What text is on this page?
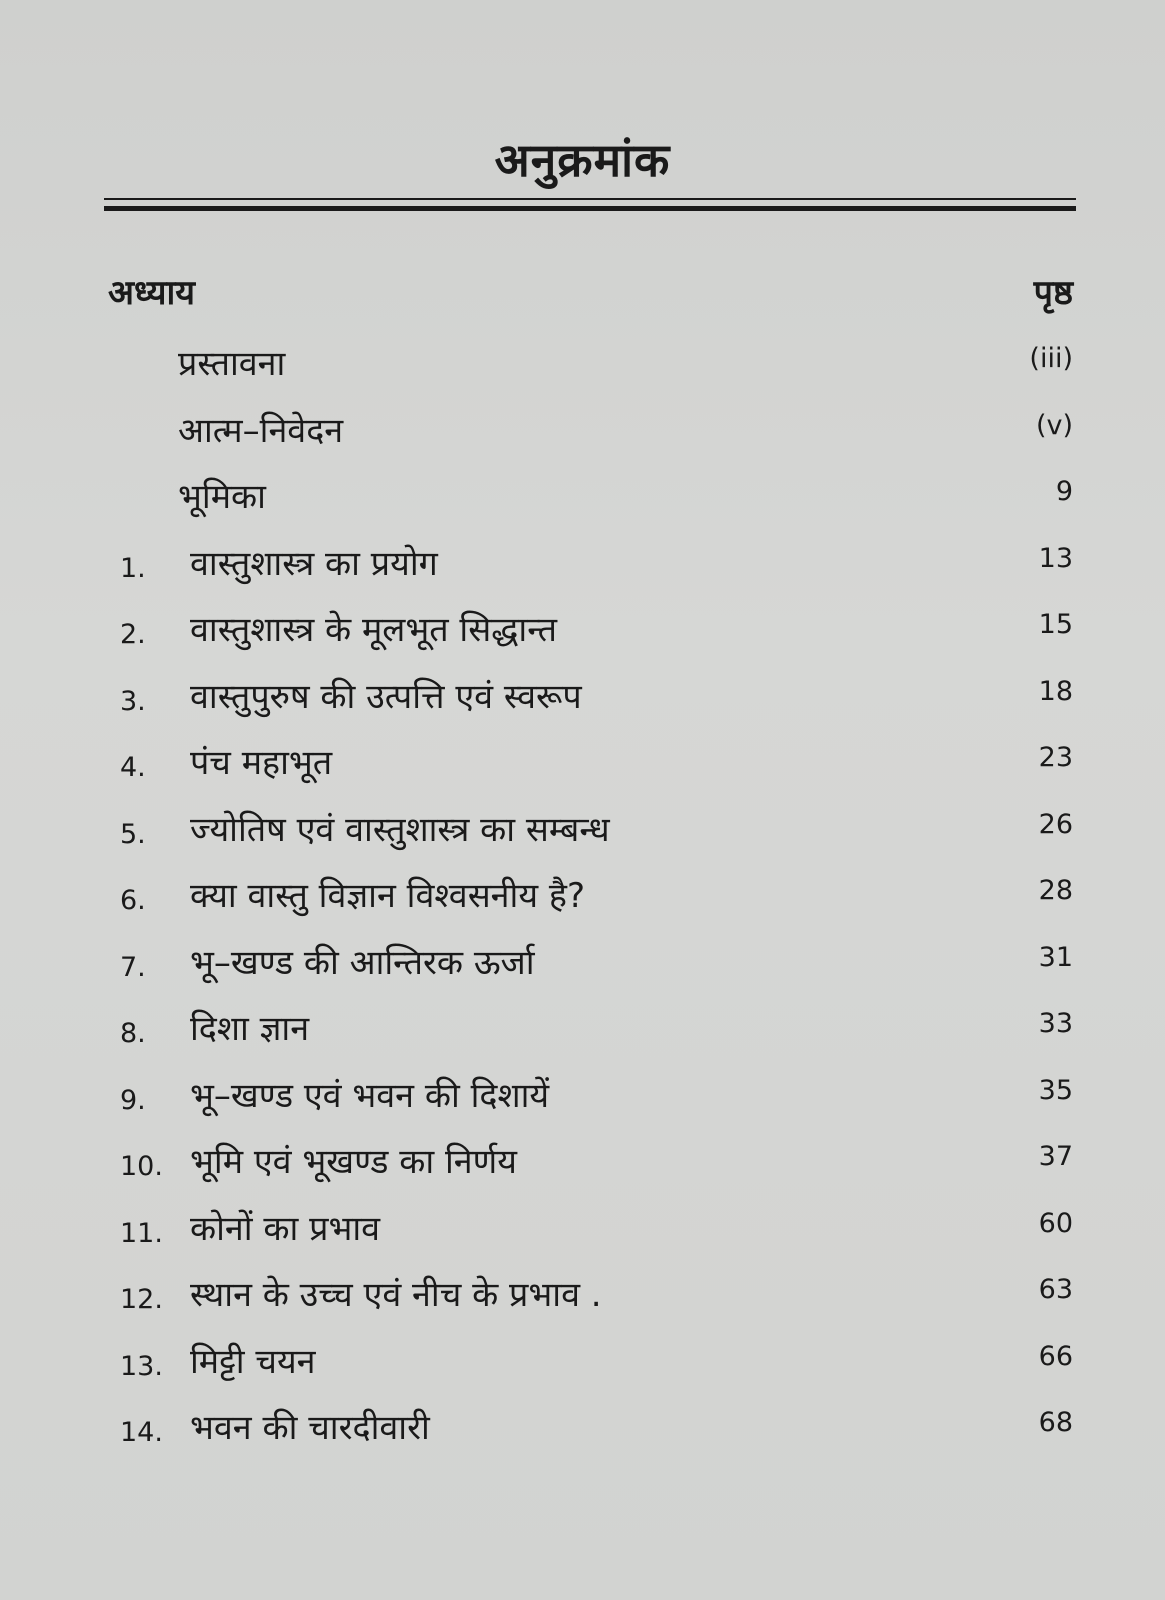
अनुक्रमांक
अध्याय	पृष्ठ
प्रस्तावना	(iii)
आत्म–निवेदन	(v)
भूमिका	9
1. वास्तुशास्त्र का प्रयोग	13
2. वास्तुशास्त्र के मूलभूत सिद्धान्त	15
3. वास्तुपुरुष की उत्पत्ति एवं स्वरूप	18
4. पंच महाभूत	23
5. ज्योतिष एवं वास्तुशास्त्र का सम्बन्ध	26
6. क्या वास्तु विज्ञान विश्वसनीय है?	28
7. भू–खण्ड की आन्तिरक ऊर्जा	31
8. दिशा ज्ञान	33
9. भू–खण्ड एवं भवन की दिशायें	35
10. भूमि एवं भूखण्ड का निर्णय	37
11. कोनों का प्रभाव	60
12. स्थान के उच्च एवं नीच के प्रभाव .	63
13. मिट्टी चयन	66
14. भवन की चारदीवारी	68
